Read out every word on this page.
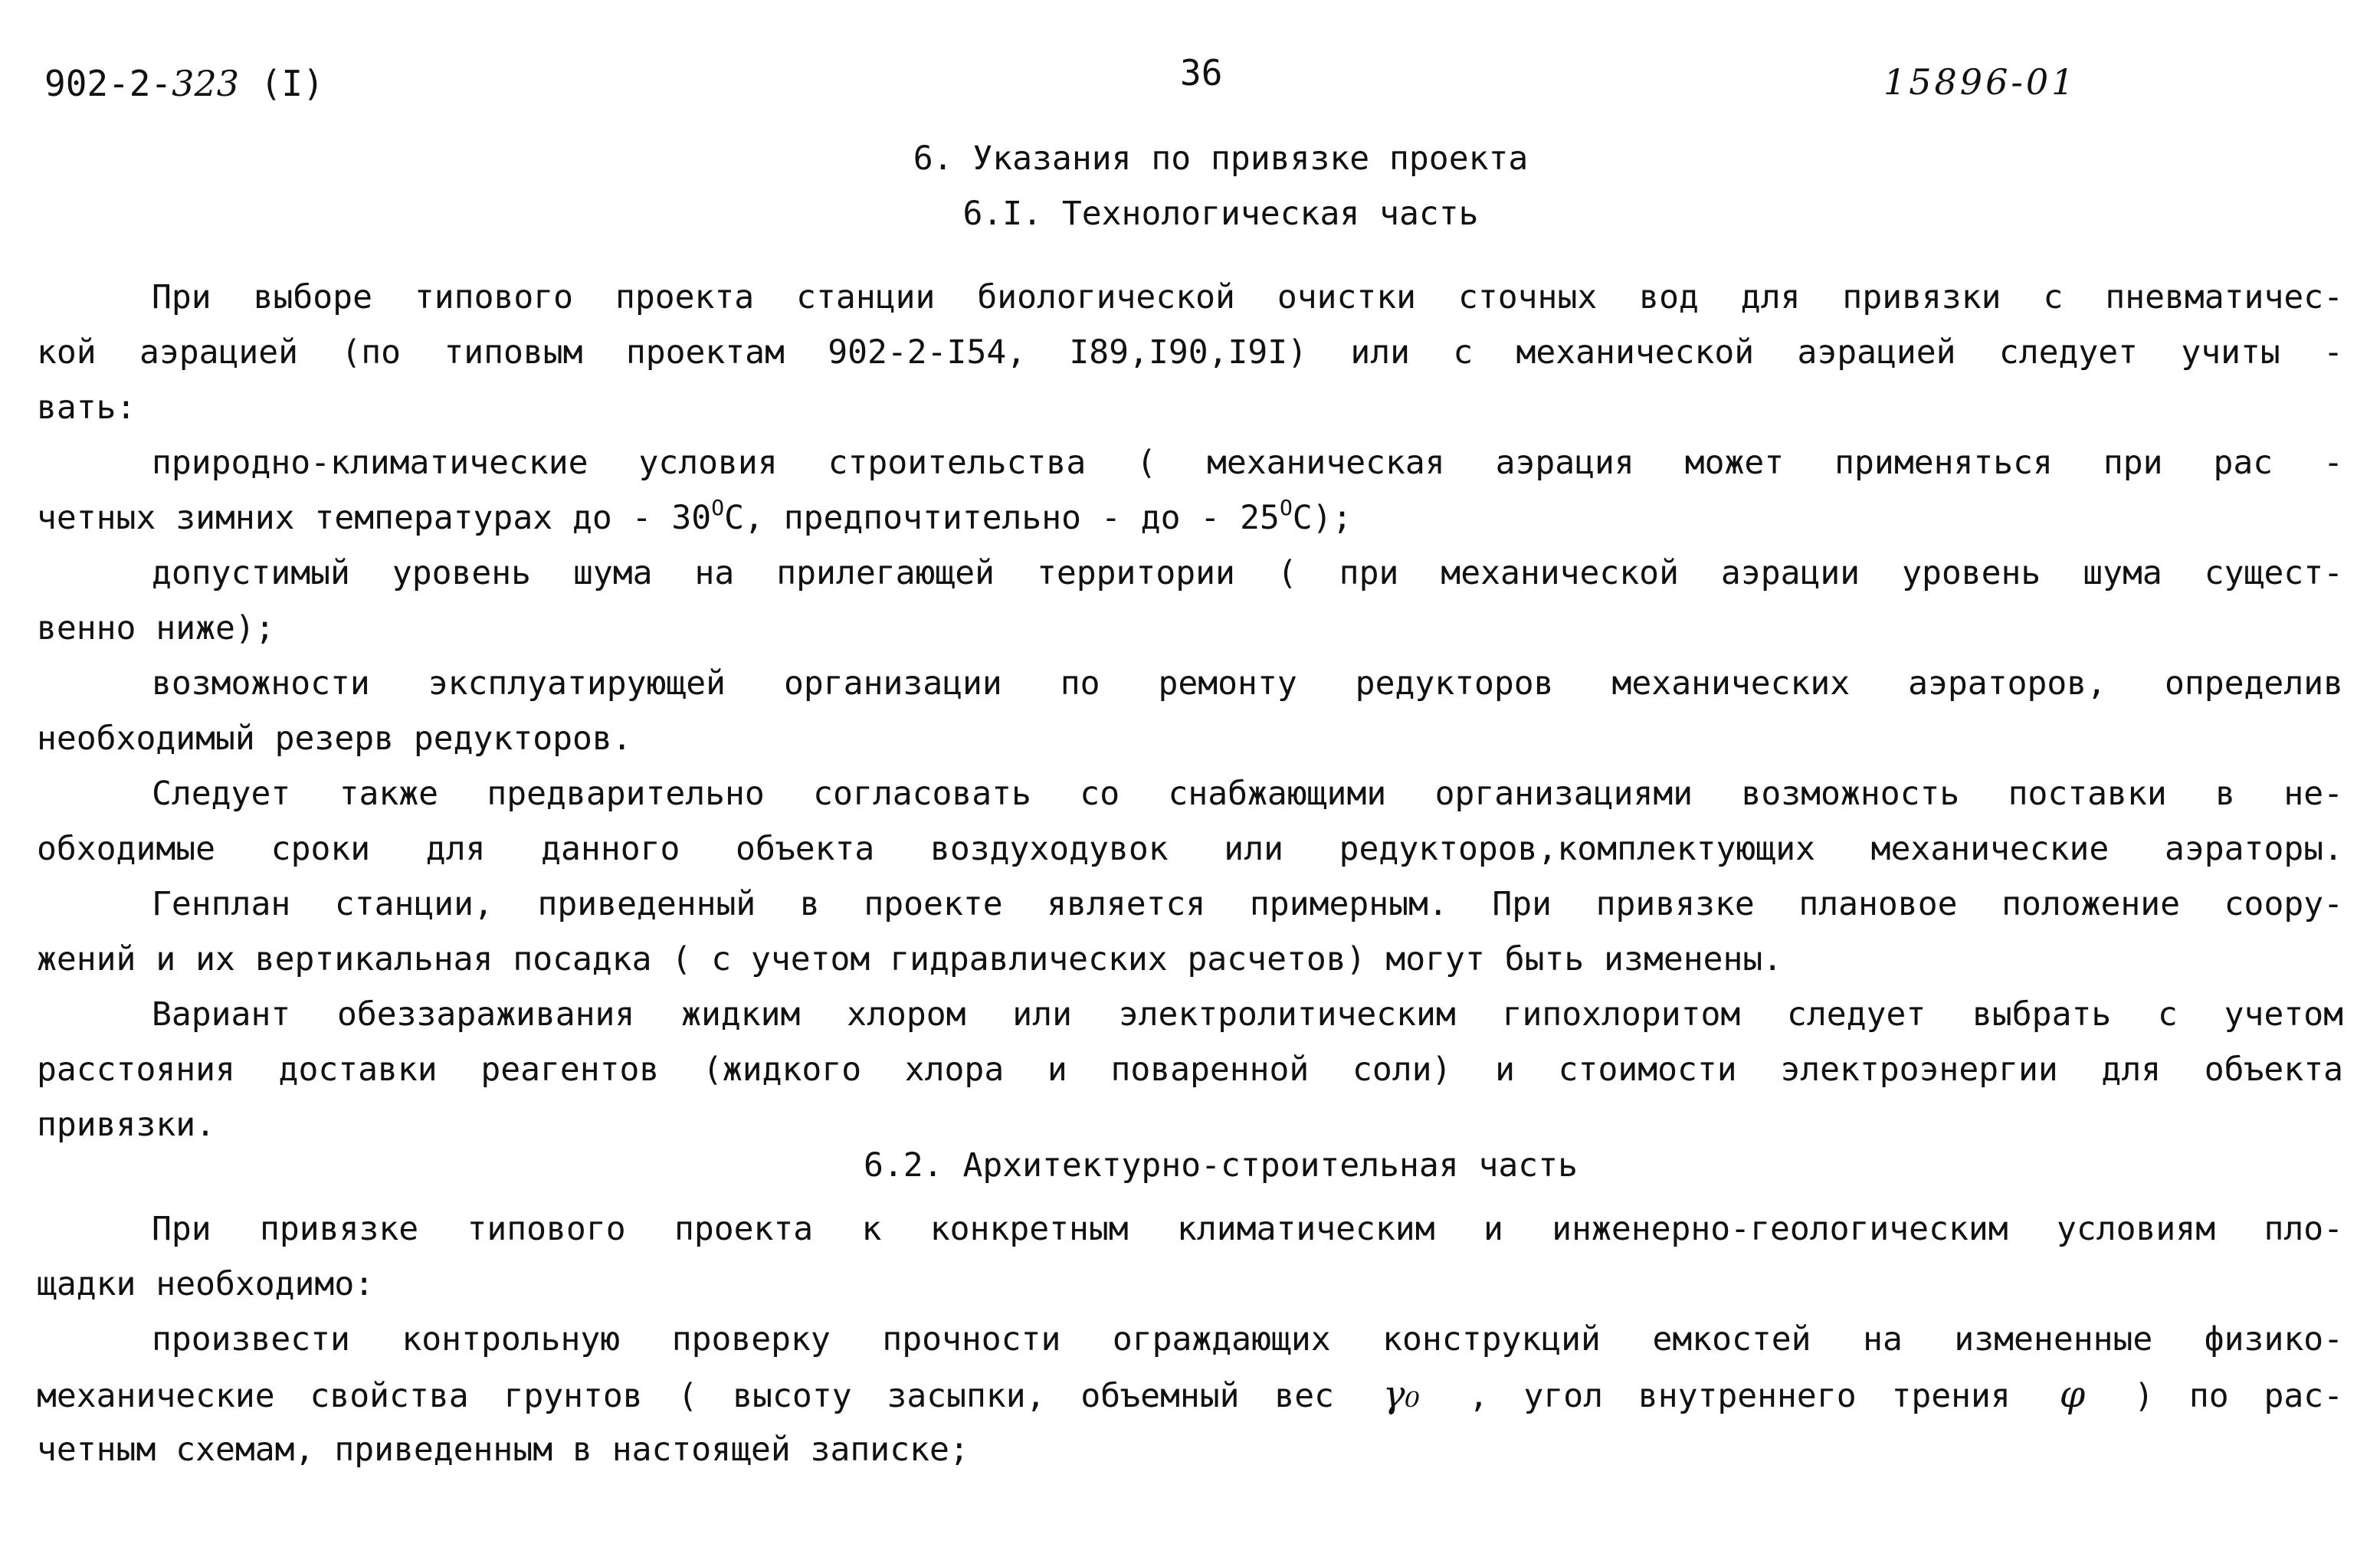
902-2-323 (I)	36	15896-01
6. Указания по привязке проекта
6.I. Технологическая часть
При выборе типового проекта станции биологической очистки сточных вод для привязки с пневматичес-
кой аэрацией (по типовым проектам 902-2-I54, I89,I90,I9I) или с механической аэрацией следует учиты -
вать:
природно-климатические условия строительства ( механическая аэрация может применяться при рас -
четных зимних температурах до - $30^ОС$, предпочтительно - до - $25^ОС$);
допустимый уровень шума на прилегающей территории ( при механической аэрации уровень шума сущест-
венно ниже);
возможности эксплуатирующей организации по ремонту редукторов механических аэраторов, определив
необходимый резерв редукторов.
Следует также предварительно согласовать со снабжающими организациями возможность поставки в не-
обходимые сроки для данного объекта воздуходувок или редукторов,комплектующих механические аэраторы.
Генплан станции, приведенный в проекте является примерным. При привязке плановое положение соору-
жений и их вертикальная посадка ( с учетом гидравлических расчетов) могут быть изменены.
Вариант обеззараживания жидким хлором или электролитическим гипохлоритом следует выбрать с учетом
расстояния доставки реагентов (жидкого хлора и поваренной соли) и стоимости электроэнергии для объекта
привязки.
6.2. Архитектурно-строительная часть
При привязке типового проекта к конкретным климатическим и инженерно-геологическим условиям пло-
щадки необходимо:
произвести контрольную проверку прочности ограждающих конструкций емкостей на измененные физико-
механические свойства грунтов ( высоту засыпки, объемный вес γ₀ , угол внутреннего трения φ ) по рас-
четным схемам, приведенным в настоящей записке;
